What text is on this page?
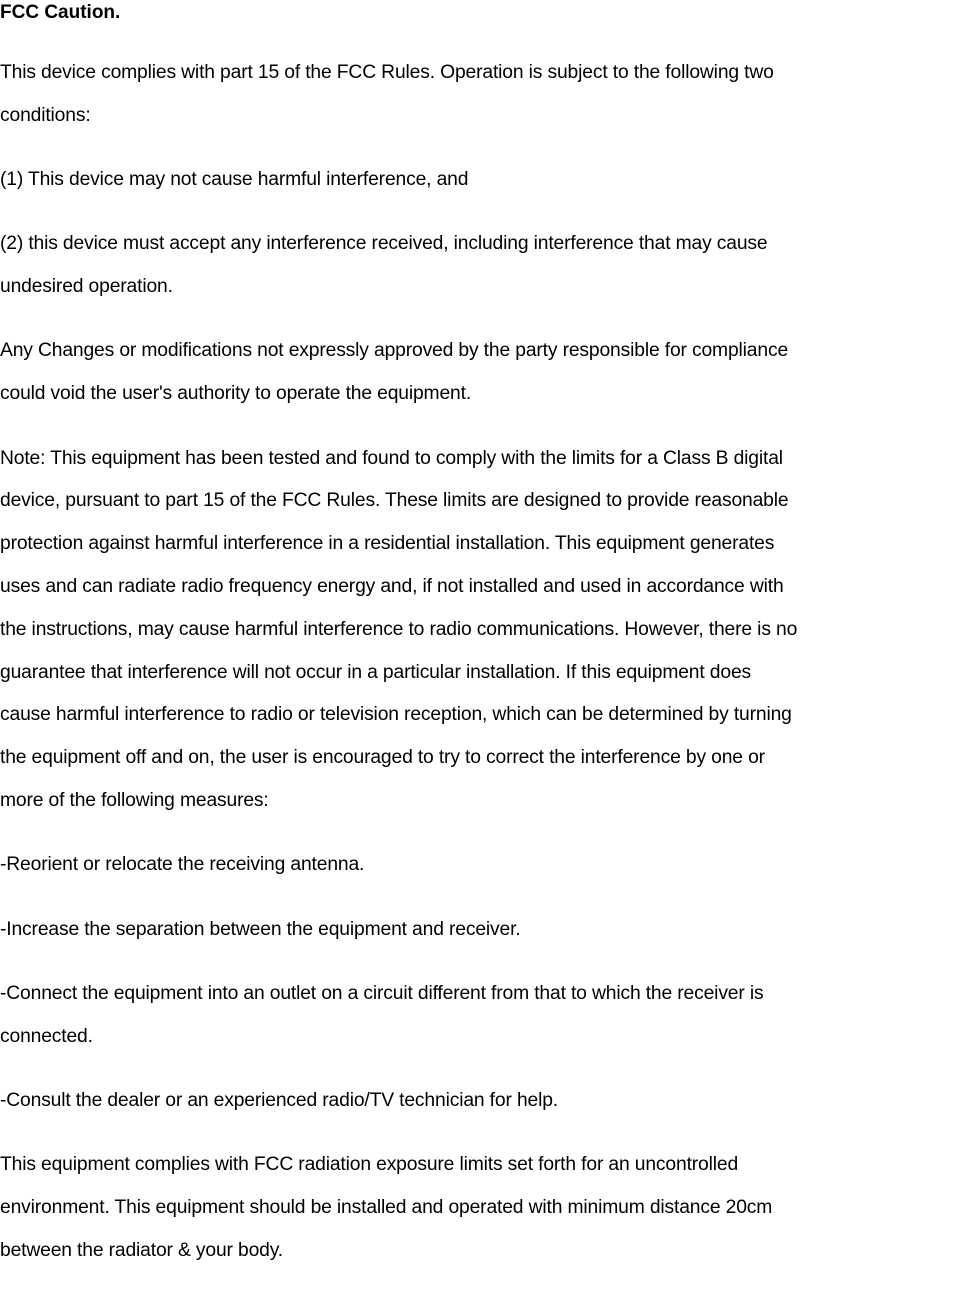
FCC Caution.
This device complies with part 15 of the FCC Rules. Operation is subject to the following two
conditions:
(1) This device may not cause harmful interference, and
(2) this device must accept any interference received, including interference that may cause
undesired operation.
Any Changes or modifications not expressly approved by the party responsible for compliance
could void the user's authority to operate the equipment.
Note: This equipment has been tested and found to comply with the limits for a Class B digital
device, pursuant to part 15 of the FCC Rules. These limits are designed to provide reasonable
protection against harmful interference in a residential installation. This equipment generates
uses and can radiate radio frequency energy and, if not installed and used in accordance with
the instructions, may cause harmful interference to radio communications. However, there is no
guarantee that interference will not occur in a particular installation. If this equipment does
cause harmful interference to radio or television reception, which can be determined by turning
the equipment off and on, the user is encouraged to try to correct the interference by one or
more of the following measures:
-Reorient or relocate the receiving antenna.
-Increase the separation between the equipment and receiver.
-Connect the equipment into an outlet on a circuit different from that to which the receiver is
connected.
-Consult the dealer or an experienced radio/TV technician for help.
This equipment complies with FCC radiation exposure limits set forth for an uncontrolled
environment. This equipment should be installed and operated with minimum distance 20cm
between the radiator & your body.
